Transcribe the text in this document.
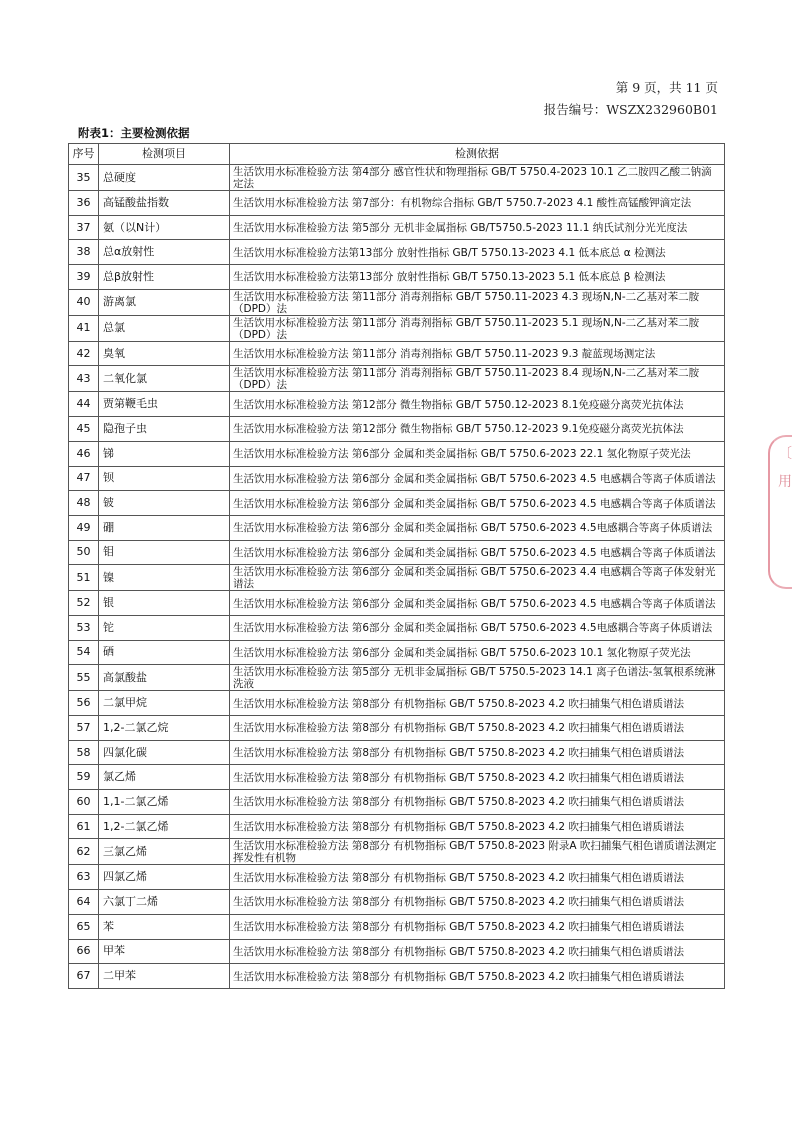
第 9 页，共 11 页
报告编号：WSZX232960B01
附表1：主要检测依据
序号	检测项目	检测依据
35	总硬度	生活饮用水标准检验方法 第4部分 感官性状和物理指标 GB/T 5750.4-2023 10.1 乙二胺四乙酸二钠滴定法
36	高锰酸盐指数	生活饮用水标准检验方法 第7部分：有机物综合指标 GB/T 5750.7-2023 4.1 酸性高锰酸钾滴定法
37	氨（以N计）	生活饮用水标准检验方法 第5部分 无机非金属指标 GB/T5750.5-2023 11.1 纳氏试剂分光光度法
38	总α放射性	生活饮用水标准检验方法第13部分 放射性指标 GB/T 5750.13-2023 4.1 低本底总 α 检测法
39	总β放射性	生活饮用水标准检验方法第13部分 放射性指标 GB/T 5750.13-2023 5.1 低本底总 β 检测法
40	游离氯	生活饮用水标准检验方法 第11部分 消毒剂指标 GB/T 5750.11-2023 4.3 现场N,N-二乙基对苯二胺（DPD）法
41	总氯	生活饮用水标准检验方法 第11部分 消毒剂指标 GB/T 5750.11-2023 5.1 现场N,N-二乙基对苯二胺（DPD）法
42	臭氧	生活饮用水标准检验方法 第11部分 消毒剂指标 GB/T 5750.11-2023 9.3 靛蓝现场测定法
43	二氧化氯	生活饮用水标准检验方法 第11部分 消毒剂指标 GB/T 5750.11-2023 8.4 现场N,N-二乙基对苯二胺（DPD）法
44	贾第鞭毛虫	生活饮用水标准检验方法 第12部分 微生物指标 GB/T 5750.12-2023 8.1免疫磁分离荧光抗体法
45	隐孢子虫	生活饮用水标准检验方法 第12部分 微生物指标 GB/T 5750.12-2023 9.1免疫磁分离荧光抗体法
46	锑	生活饮用水标准检验方法 第6部分 金属和类金属指标 GB/T 5750.6-2023 22.1 氢化物原子荧光法
47	钡	生活饮用水标准检验方法 第6部分 金属和类金属指标 GB/T 5750.6-2023 4.5 电感耦合等离子体质谱法
48	铍	生活饮用水标准检验方法 第6部分 金属和类金属指标 GB/T 5750.6-2023 4.5 电感耦合等离子体质谱法
49	硼	生活饮用水标准检验方法 第6部分 金属和类金属指标 GB/T 5750.6-2023 4.5电感耦合等离子体质谱法
50	钼	生活饮用水标准检验方法 第6部分 金属和类金属指标 GB/T 5750.6-2023 4.5 电感耦合等离子体质谱法
51	镍	生活饮用水标准检验方法 第6部分 金属和类金属指标 GB/T 5750.6-2023 4.4 电感耦合等离子体发射光谱法
52	银	生活饮用水标准检验方法 第6部分 金属和类金属指标 GB/T 5750.6-2023 4.5 电感耦合等离子体质谱法
53	铊	生活饮用水标准检验方法 第6部分 金属和类金属指标 GB/T 5750.6-2023 4.5电感耦合等离子体质谱法
54	硒	生活饮用水标准检验方法 第6部分 金属和类金属指标 GB/T 5750.6-2023 10.1 氢化物原子荧光法
55	高氯酸盐	生活饮用水标准检验方法 第5部分 无机非金属指标 GB/T 5750.5-2023 14.1 离子色谱法-氢氧根系统淋洗液
56	二氯甲烷	生活饮用水标准检验方法 第8部分 有机物指标 GB/T 5750.8-2023 4.2 吹扫捕集气相色谱质谱法
57	1,2-二氯乙烷	生活饮用水标准检验方法 第8部分 有机物指标 GB/T 5750.8-2023 4.2 吹扫捕集气相色谱质谱法
58	四氯化碳	生活饮用水标准检验方法 第8部分 有机物指标 GB/T 5750.8-2023 4.2 吹扫捕集气相色谱质谱法
59	氯乙烯	生活饮用水标准检验方法 第8部分 有机物指标 GB/T 5750.8-2023 4.2 吹扫捕集气相色谱质谱法
60	1,1-二氯乙烯	生活饮用水标准检验方法 第8部分 有机物指标 GB/T 5750.8-2023 4.2 吹扫捕集气相色谱质谱法
61	1,2-二氯乙烯	生活饮用水标准检验方法 第8部分 有机物指标 GB/T 5750.8-2023 4.2 吹扫捕集气相色谱质谱法
62	三氯乙烯	生活饮用水标准检验方法 第8部分 有机物指标 GB/T 5750.8-2023 附录A 吹扫捕集气相色谱质谱法测定挥发性有机物
63	四氯乙烯	生活饮用水标准检验方法 第8部分 有机物指标 GB/T 5750.8-2023 4.2 吹扫捕集气相色谱质谱法
64	六氯丁二烯	生活饮用水标准检验方法 第8部分 有机物指标 GB/T 5750.8-2023 4.2 吹扫捕集气相色谱质谱法
65	苯	生活饮用水标准检验方法 第8部分 有机物指标 GB/T 5750.8-2023 4.2 吹扫捕集气相色谱质谱法
66	甲苯	生活饮用水标准检验方法 第8部分 有机物指标 GB/T 5750.8-2023 4.2 吹扫捕集气相色谱质谱法
67	二甲苯	生活饮用水标准检验方法 第8部分 有机物指标 GB/T 5750.8-2023 4.2 吹扫捕集气相色谱质谱法
〔
用
